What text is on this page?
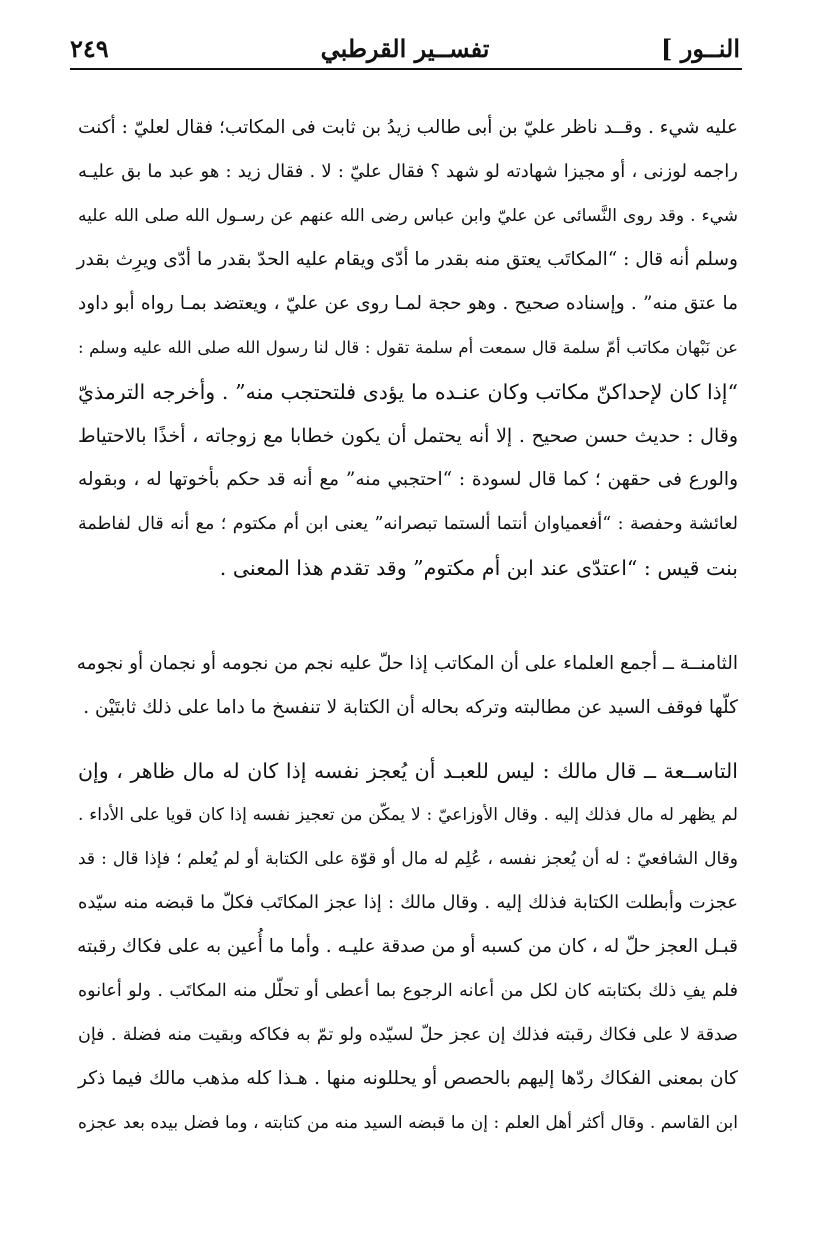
النــور ]
تفســير القرطبي
٢٤٩
عليه شيء . وقــد ناظر عليّ بن أبى طالب زيدُ بن ثابت فى المكاتب؛ فقال لعليّ : أكنت
راجمه لوزنى ، أو مجيزا شهادته لو شهد ؟ فقال عليّ : لا . فقال زيد : هو عبد ما بق عليـه
شيء . وقد روى النَّسائى عن عليّ وابن عباس رضى الله عنهم عن رسـول الله صلى الله عليه
وسلم أنه قال : “المكاتَب يعتق منه بقدر ما أدّى ويقام عليه الحدّ بقدر ما أدّى ويرِث بقدر
ما عتق منه” . وإسناده صحيح . وهو حجة لمـا روى عن عليّ ، ويعتضد بمـا رواه أبو داود
عن نَبْهان مكاتب أمّ سلمة قال سمعت أم سلمة تقول : قال لنا رسول الله صلى الله عليه وسلم :
“إذا كان لإحداكنّ مكاتب وكان عنـده ما يؤدى فلتحتجب منه” . وأخرجه الترمذيّ
وقال : حديث حسن صحيح . إلا أنه يحتمل أن يكون خطابا مع زوجاته ، أخذًا بالاحتياط
والورع فى حقهن ؛ كما قال لسودة : “احتجبي منه” مع أنه قد حكم بأخوتها له ، وبقوله
لعائشة وحفصة : “أفعمياوان أنتما ألستما تبصرانه” يعنى ابن أم مكتوم ؛ مع أنه قال لفاطمة
بنت قيس : “اعتدّى عند ابن أم مكتوم” وقد تقدم هذا المعنى .
الثامنــة ــ أجمع العلماء على أن المكاتب إذا حلّ عليه نجم من نجومه أو نجمان أو نجومه
كلّها فوقف السيد عن مطالبته وتركه بحاله أن الكتابة لا تنفسخ ما داما على ذلك ثابتَيْن .
التاســعة ــ قال مالك : ليس للعبـد أن يُعجز نفسه إذا كان له مال ظاهر ، وإن
لم يظهر له مال فذلك إليه . وقال الأوزاعيّ : لا يمكّن من تعجيز نفسه إذا كان قويا على الأداء .
وقال الشافعيّ : له أن يُعجز نفسه ، عُلِم له مال أو قوّة على الكتابة أو لم يُعلم ؛ فإذا قال : قد
عجزت وأبطلت الكتابة فذلك إليه . وقال مالك : إذا عجز المكاتَب فكلّ ما قبضه منه سيّده
قبـل العجز حلّ له ، كان من كسبه أو من صدقة عليـه . وأما ما أُعين به على فكاك رقبته
فلم يفِ ذلك بكتابته كان لكل من أعانه الرجوع بما أعطى أو تحلّل منه المكاتَب . ولو أعانوه
صدقة لا على فكاك رقبته فذلك إن عجز حلّ لسيّده ولو تمّ به فكاكه وبقيت منه فضلة . فإن
كان بمعنى الفكاك ردّها إليهم بالحصص أو يحللونه منها . هـذا كله مذهب مالك فيما ذكر
ابن القاسم . وقال أكثر أهل العلم : إن ما قبضه السيد منه من كتابته ، وما فضل بيده بعد عجزه
